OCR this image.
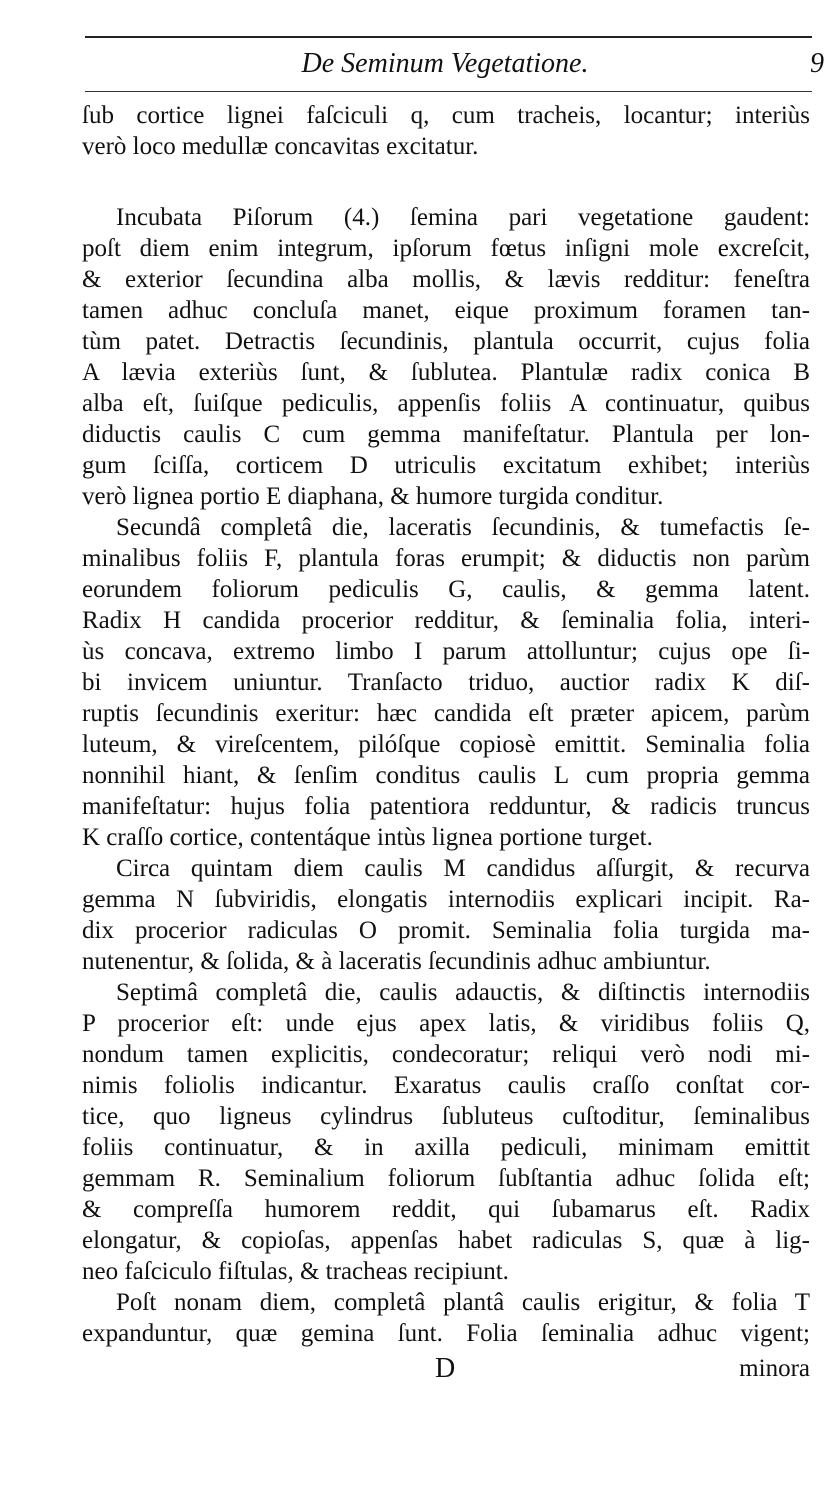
De Seminum Vegetatione.	9
ſub cortice lignei faſciculi q, cum tracheis, locantur; interiùs
verò loco medullæ concavitas excitatur.
Incubata Piſorum (4.) ſemina pari vegetatione gaudent:
poſt diem enim integrum, ipſorum fœtus inſigni mole excreſcit,
& exterior ſecundina alba mollis, & lævis redditur: feneſtra
tamen adhuc concluſa manet, eique proximum foramen tan-
tùm patet. Detractis ſecundinis, plantula occurrit, cujus folia
A lævia exteriùs ſunt, & ſublutea. Plantulæ radix conica B
alba eſt, ſuiſque pediculis, appenſis foliis A continuatur, quibus
diductis caulis C cum gemma manifeſtatur. Plantula per lon-
gum ſciſſa, corticem D utriculis excitatum exhibet; interiùs
verò lignea portio E diaphana, & humore turgida conditur.
Secundâ completâ die, laceratis ſecundinis, & tumefactis ſe-
minalibus foliis F, plantula foras erumpit; & diductis non parùm
eorundem foliorum pediculis G, caulis, & gemma latent.
Radix H candida procerior redditur, & ſeminalia folia, interi-
ùs concava, extremo limbo I parum attolluntur; cujus ope ſi-
bi invicem uniuntur. Tranſacto triduo, auctior radix K diſ-
ruptis ſecundinis exeritur: hæc candida eſt præter apicem, parùm
luteum, & vireſcentem, pilóſque copiosè emittit. Seminalia folia
nonnihil hiant, & ſenſim conditus caulis L cum propria gemma
manifeſtatur: hujus folia patentiora redduntur, & radicis truncus
K craſſo cortice, contentáque intùs lignea portione turget.
Circa quintam diem caulis M candidus aſſurgit, & recurva
gemma N ſubviridis, elongatis internodiis explicari incipit. Ra-
dix procerior radiculas O promit. Seminalia folia turgida ma-
nutenentur, & ſolida, & à laceratis ſecundinis adhuc ambiuntur.
Septimâ completâ die, caulis adauctis, & diſtinctis internodiis
P procerior eſt: unde ejus apex latis, & viridibus foliis Q,
nondum tamen explicitis, condecoratur; reliqui verò nodi mi-
nimis foliolis indicantur. Exaratus caulis craſſo conſtat cor-
tice, quo ligneus cylindrus ſubluteus cuſtoditur, ſeminalibus
foliis continuatur, & in axilla pediculi, minimam emittit
gemmam R. Seminalium foliorum ſubſtantia adhuc ſolida eſt;
& compreſſa humorem reddit, qui ſubamarus eſt. Radix
elongatur, & copioſas, appenſas habet radiculas S, quæ à lig-
neo faſciculo fiſtulas, & tracheas recipiunt.
Poſt nonam diem, completâ plantâ caulis erigitur, & folia T
expanduntur, quæ gemina ſunt. Folia ſeminalia adhuc vigent;
D	minora
